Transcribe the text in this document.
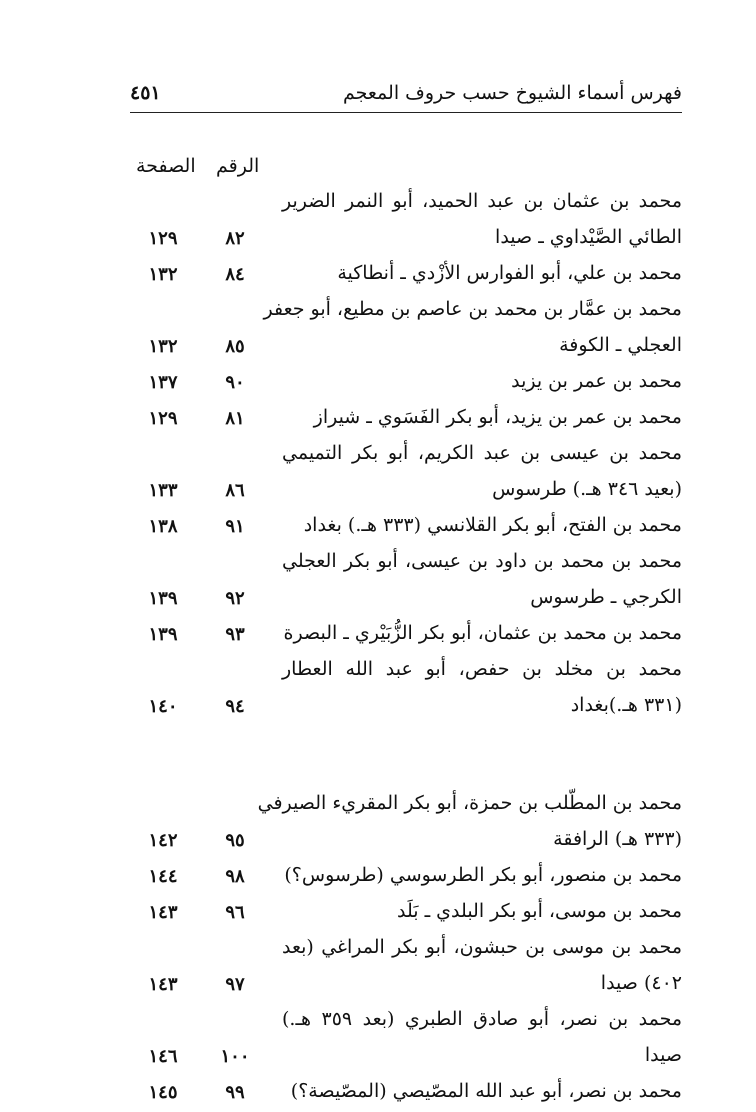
فهرس أسماء الشيوخ حسب حروف المعجم
٤٥١
الرقم
الصفحة
محمد بن عثمان بن عبد الحميد، أبو النمر الضرير
الطائي الصَّيْداوي ـ صيدا
٨٢
١٢٩
محمد بن علي، أبو الفوارس الأزْدي ـ أنطاكية
٨٤
١٣٢
محمد بن عمَّار بن محمد بن عاصم بن مطيع، أبو جعفر
العجلي ـ الكوفة
٨٥
١٣٢
محمد بن عمر بن يزيد
٩٠
١٣٧
محمد بن عمر بن يزيد، أبو بكر الفَسَوي ـ شيراز
٨١
١٢٩
محمد بن عيسى بن عبد الكريم، أبو بكر التميمي
(بعيد ٣٤٦ هـ.) طرسوس
٨٦
١٣٣
محمد بن الفتح، أبو بكر القلانسي (٣٣٣ هـ.) بغداد
٩١
١٣٨
محمد بن محمد بن داود بن عيسى، أبو بكر العجلي
الكرجي ـ طرسوس
٩٢
١٣٩
محمد بن محمد بن عثمان، أبو بكر الزُّبَيْري ـ البصرة
٩٣
١٣٩
محمد بن مخلد بن حفص، أبو عبد الله العطار
(٣٣١ هـ.)بغداد
٩٤
١٤٠
محمد بن المطّلب بن حمزة، أبو بكر المقريء الصيرفي
(٣٣٣ هـ) الرافقة
٩٥
١٤٢
محمد بن منصور، أبو بكر الطرسوسي (طرسوس؟)
٩٨
١٤٤
محمد بن موسى، أبو بكر البلدي ـ بَلَد
٩٦
١٤٣
محمد بن موسى بن حبشون، أبو بكر المراغي (بعد
٤٠٢) صيدا
٩٧
١٤٣
محمد بن نصر، أبو صادق الطبري (بعد ٣٥٩ هـ.)
صيدا
١٠٠
١٤٦
محمد بن نصر، أبو عبد الله المصّيصي (المصّيصة؟)
٩٩
١٤٥
